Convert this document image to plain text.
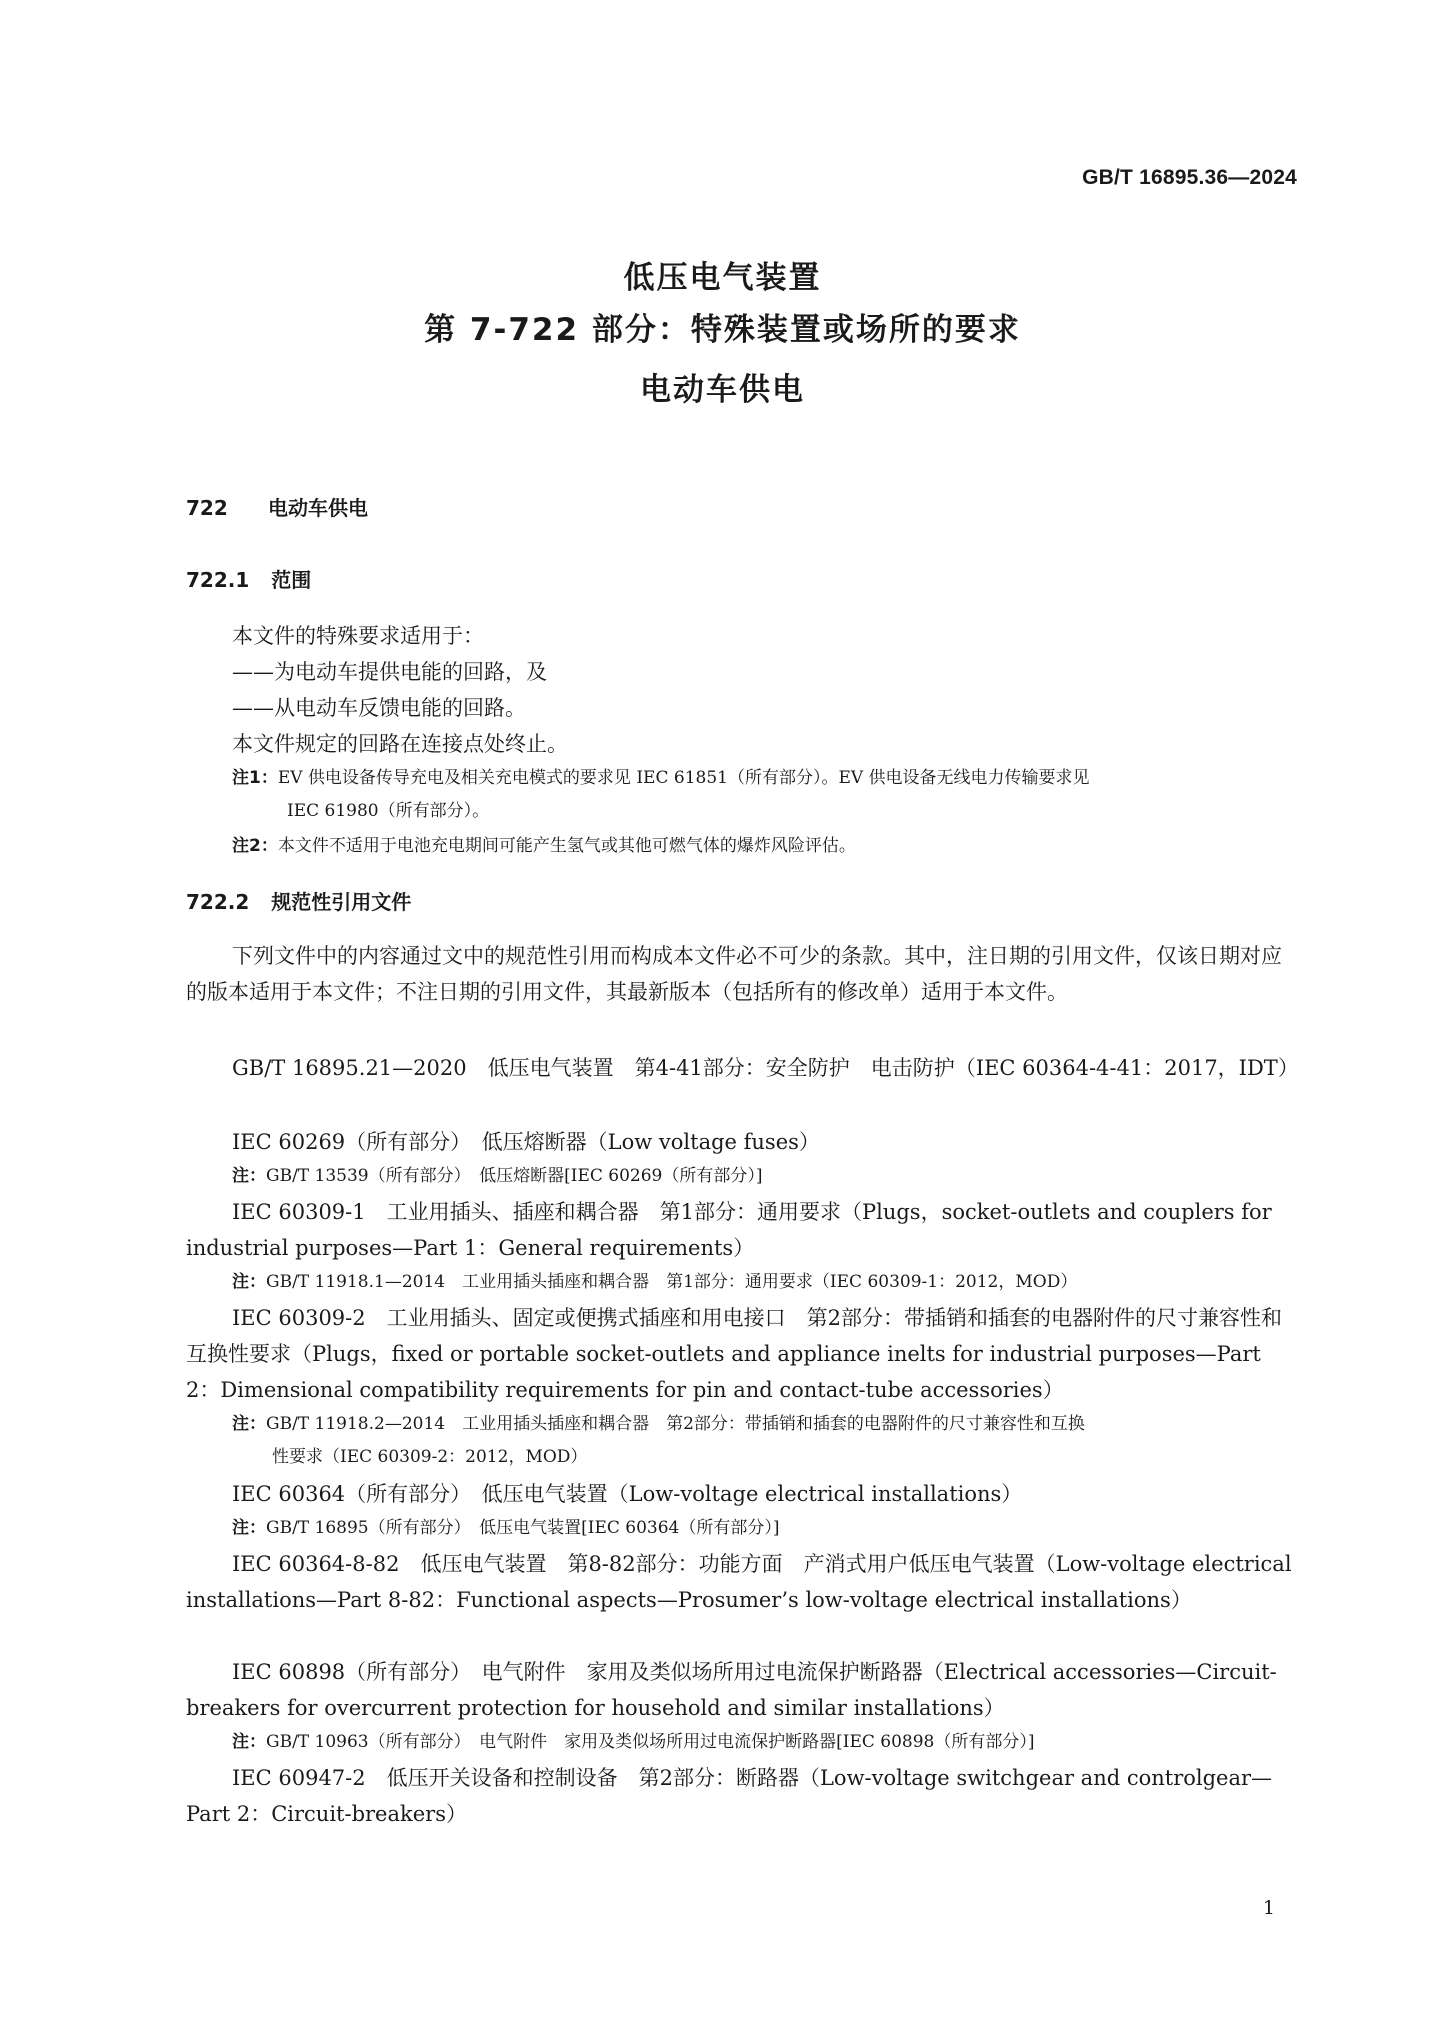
GB/T 16895.36—2024
低压电气装置
第 7-722 部分：特殊装置或场所的要求
电动车供电
722 电动车供电
722.1 范围
本文件的特殊要求适用于：
——为电动车提供电能的回路，及
——从电动车反馈电能的回路。
本文件规定的回路在连接点处终止。
注1：EV 供电设备传导充电及相关充电模式的要求见 IEC 61851（所有部分）。EV 供电设备无线电力传输要求见
IEC 61980（所有部分）。
注2：本文件不适用于电池充电期间可能产生氢气或其他可燃气体的爆炸风险评估。
722.2 规范性引用文件
下列文件中的内容通过文中的规范性引用而构成本文件必不可少的条款。其中，注日期的引用文件，仅该日期对应的版本适用于本文件；不注日期的引用文件，其最新版本（包括所有的修改单）适用于本文件。
GB/T 16895.21—2020　低压电气装置　第4-41部分：安全防护　电击防护（IEC 60364-4-41：2017，IDT）
IEC 60269（所有部分）　低压熔断器（Low voltage fuses）
注：GB/T 13539（所有部分）　低压熔断器[IEC 60269（所有部分）]
IEC 60309-1　工业用插头、插座和耦合器　第1部分：通用要求（Plugs，socket-outlets and couplers for industrial purposes—Part 1：General requirements）
注：GB/T 11918.1—2014　工业用插头插座和耦合器　第1部分：通用要求（IEC 60309-1：2012，MOD）
IEC 60309-2　工业用插头、固定或便携式插座和用电接口　第2部分：带插销和插套的电器附件的尺寸兼容性和互换性要求（Plugs，fixed or portable socket-outlets and appliance inelts for industrial purposes—Part 2：Dimensional compatibility requirements for pin and contact-tube accessories）
注：GB/T 11918.2—2014　工业用插头插座和耦合器　第2部分：带插销和插套的电器附件的尺寸兼容性和互换
性要求（IEC 60309-2：2012，MOD）
IEC 60364（所有部分）　低压电气装置（Low-voltage electrical installations）
注：GB/T 16895（所有部分）　低压电气装置[IEC 60364（所有部分）]
IEC 60364-8-82　低压电气装置　第8-82部分：功能方面　产消式用户低压电气装置（Low-voltage electrical installations—Part 8-82：Functional aspects—Prosumer’s low-voltage electrical installations）
IEC 60898（所有部分）　电气附件　家用及类似场所用过电流保护断路器（Electrical accessories—Circuit-breakers for overcurrent protection for household and similar installations）
注：GB/T 10963（所有部分）　电气附件　家用及类似场所用过电流保护断路器[IEC 60898（所有部分）]
IEC 60947-2　低压开关设备和控制设备　第2部分：断路器（Low-voltage switchgear and controlgear—Part 2：Circuit-breakers）
1
